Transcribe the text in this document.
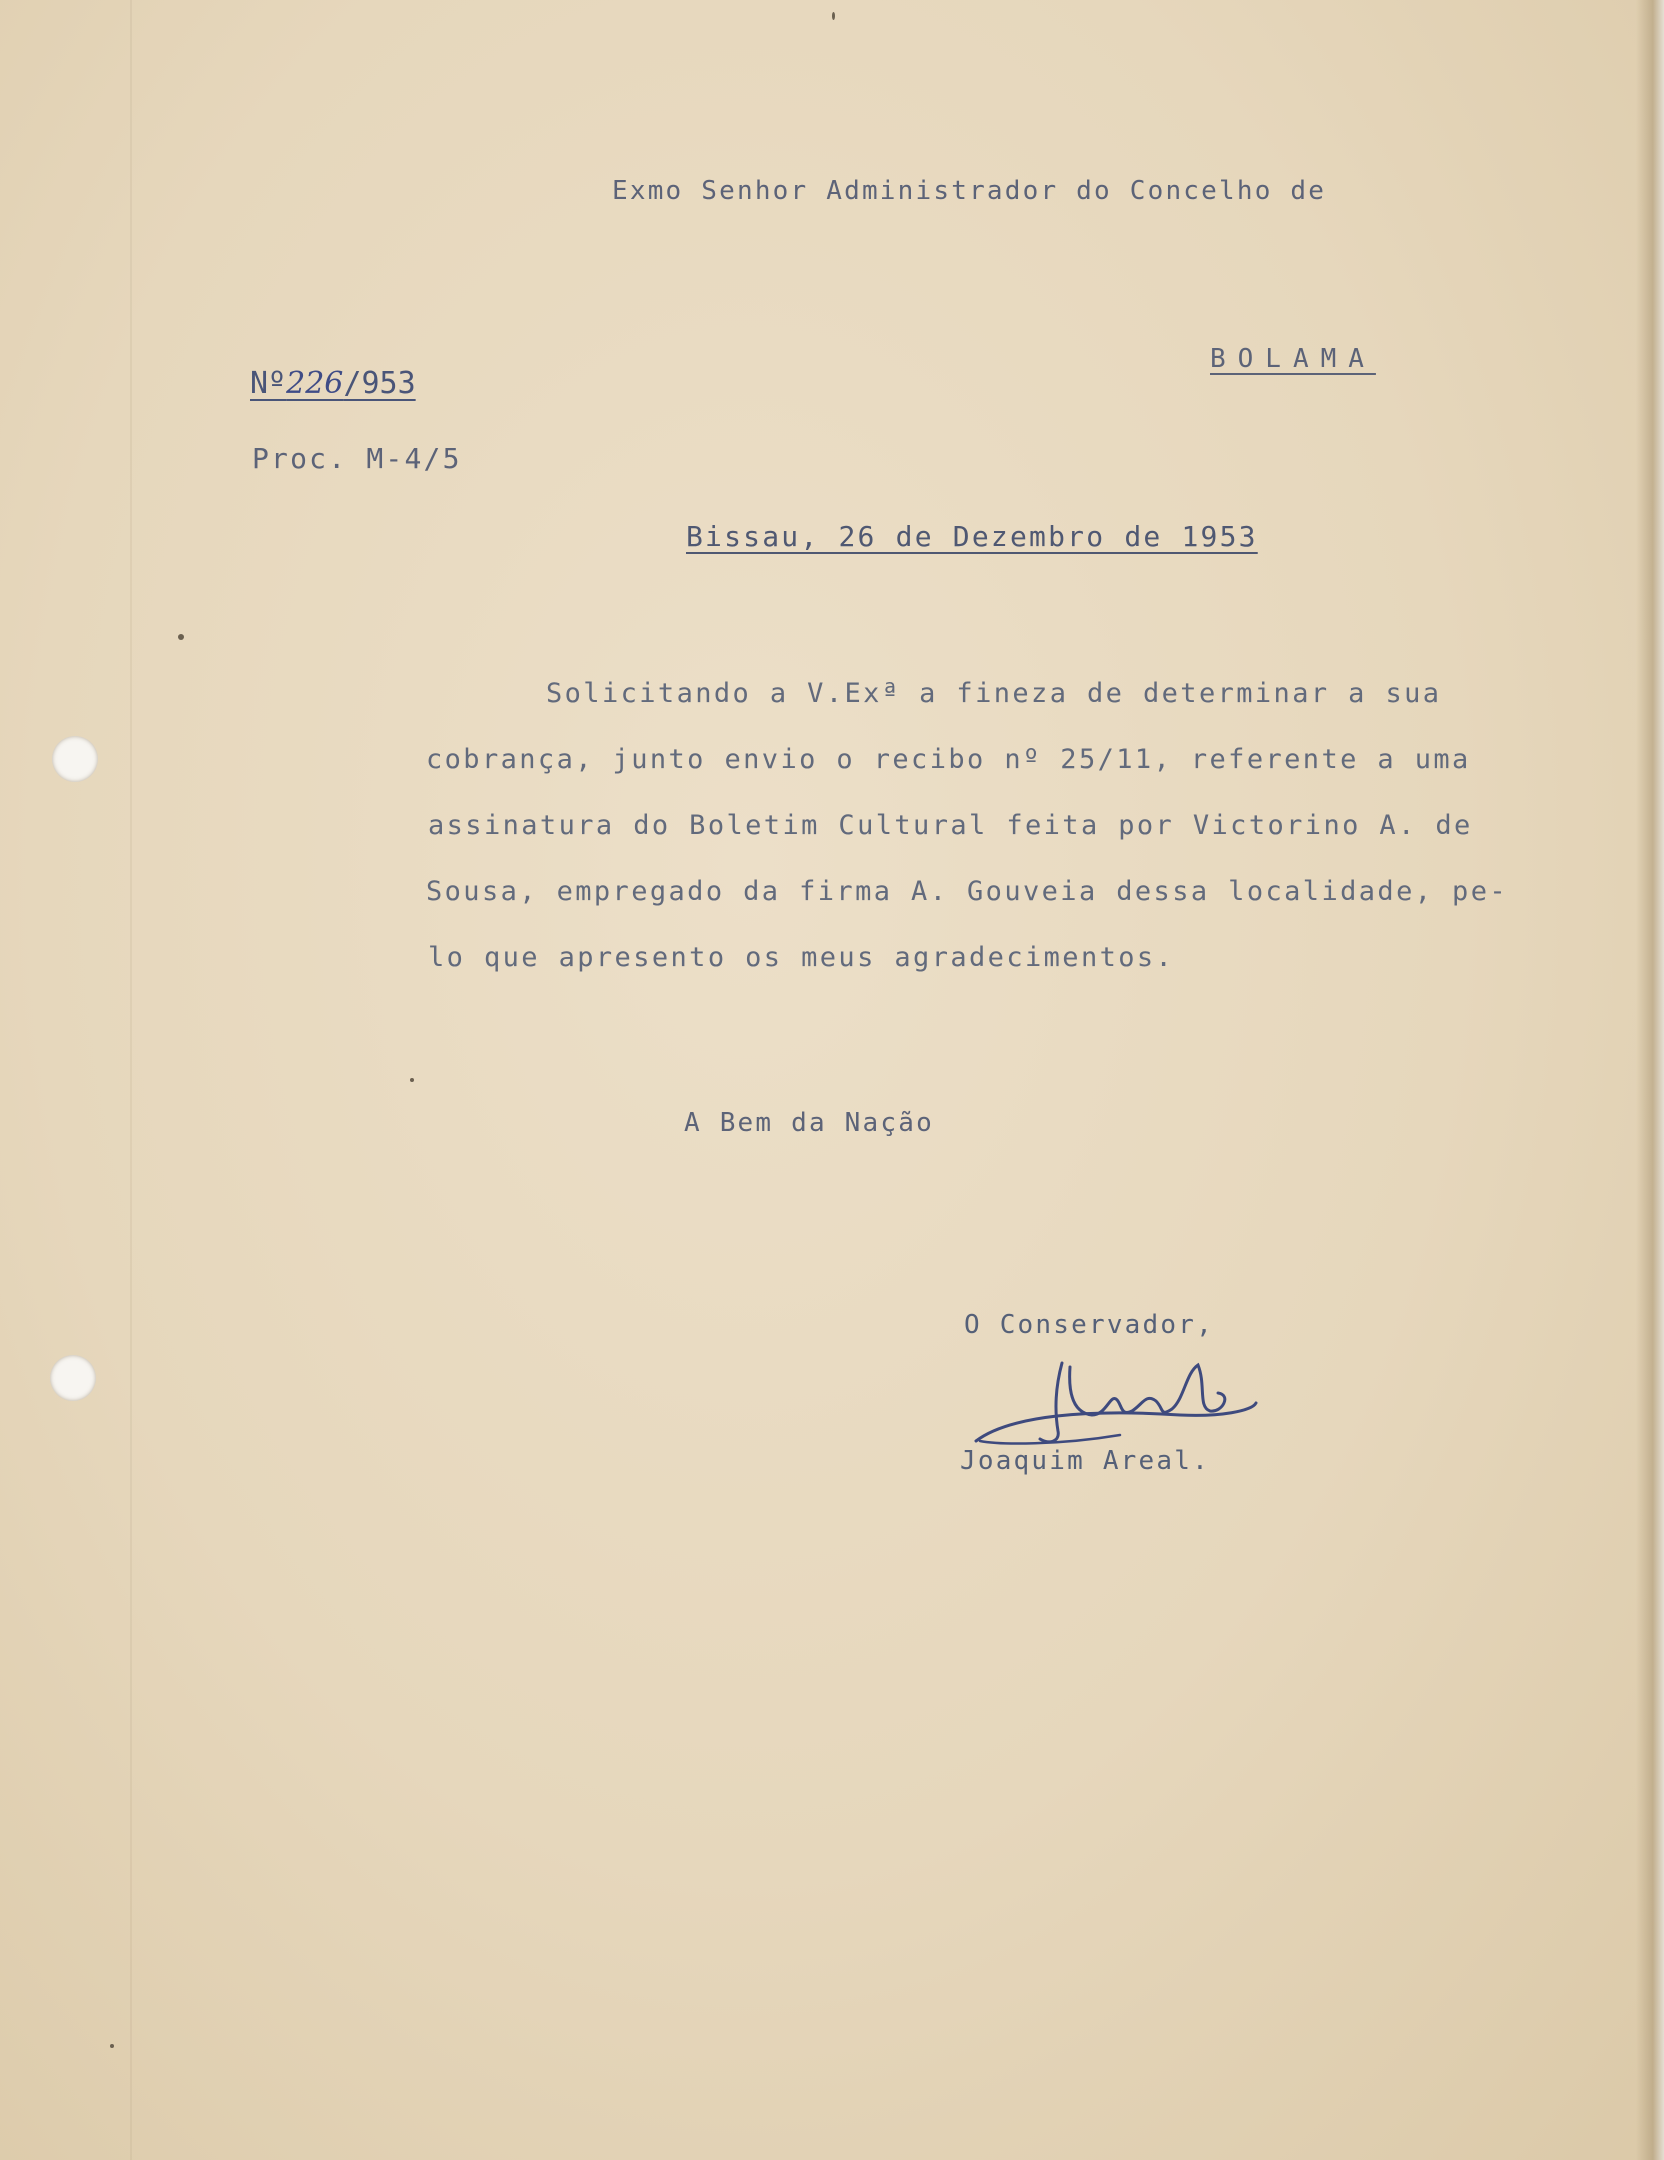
Exmo Senhor Administrador do Concelho de
BOLAMA
Nº226/953
Proc. M-4/5
Bissau, 26 de Dezembro de 1953
Solicitando a V.Exª a fineza de determinar a sua
cobrança, junto envio o recibo nº 25/11, referente a uma
assinatura do Boletim Cultural feita por Victorino A. de
Sousa, empregado da firma A. Gouveia dessa localidade, pe-
lo que apresento os meus agradecimentos.
A Bem da Nação
O Conservador,
Joaquim Areal.
